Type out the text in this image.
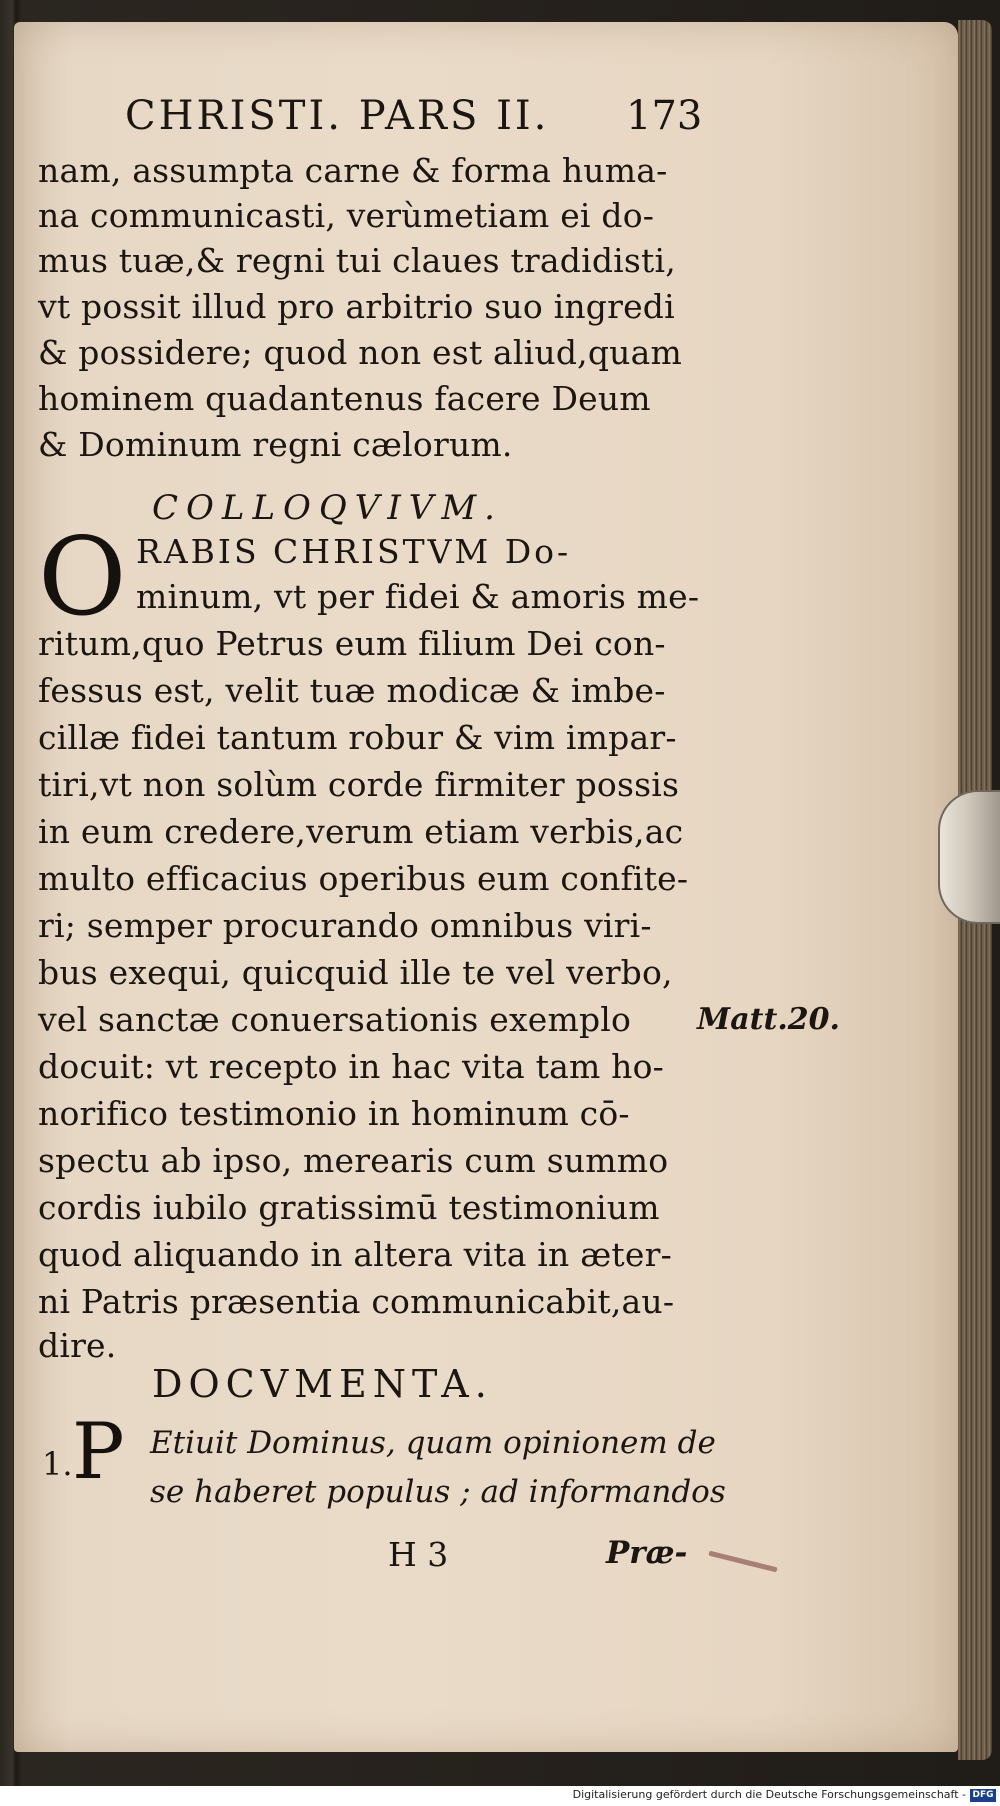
CHRISTI. PARS II. 173
nam, assumpta carne & forma huma-
na communicasti, verùmetiam ei do-
mus tuæ,& regni tui claues tradidisti,
vt possit illud pro arbitrio suo ingredi
& possidere; quod non est aliud,quam
hominem quadantenus facere Deum
& Dominum regni cælorum.
COLLOQVIVM.
O RABIS CHRISTVM Do-
minum, vt per fidei & amoris me-
ritum,quo Petrus eum filium Dei con-
fessus est, velit tuæ modicæ & imbe-
cillæ fidei tantum robur & vim impar-
tiri,vt non solùm corde firmiter possis
in eum credere,verum etiam verbis,ac
multo efficacius operibus eum confite-
ri; semper procurando omnibus viri-
bus exequi, quicquid ille te vel verbo,
vel sanctæ conuersationis exemplo
docuit: vt recepto in hac vita tam ho-
norifico testimonio in hominum cō-
spectu ab ipso, merearis cum summo
cordis iubilo gratissimū testimonium
quod aliquando in altera vita in æter-
ni Patris præsentia communicabit,au-
dire.
Matt.20.
DOCVMENTA.
1. P Etiuit Dominus, quam opinionem de
se haberet populus ; ad informandos
H 3	Præ-
Digitalisierung gefördert durch die Deutsche Forschungsgemeinschaft - DFG
